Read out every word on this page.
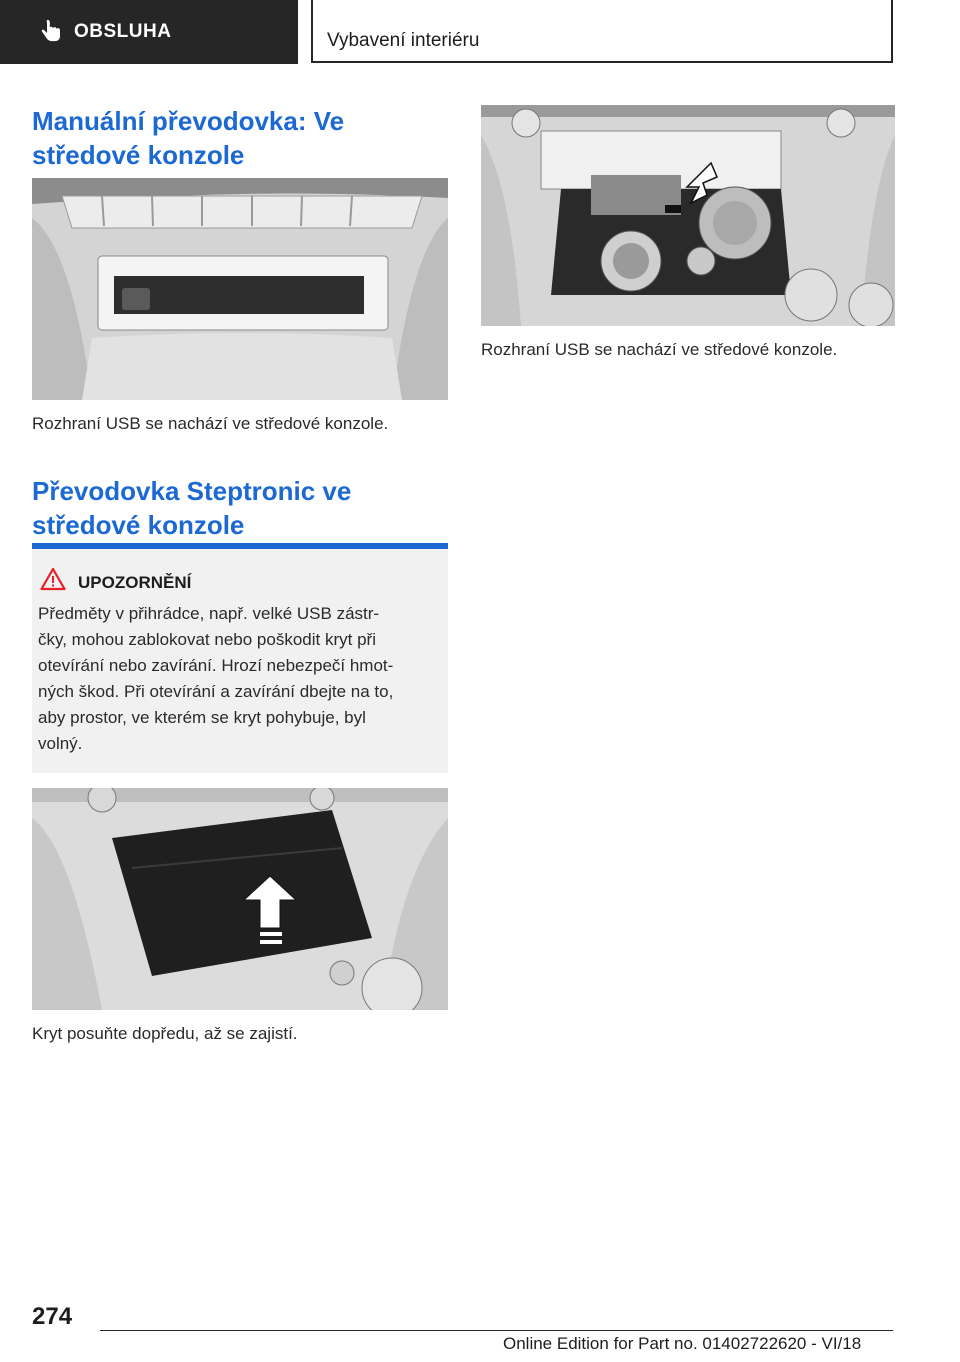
OBSLUHA	Vybavení interiéru
Manuální převodovka: Ve
středové konzole

Rozhraní USB se nachází ve středové konzole.

Převodovka Steptronic ve
středové konzole
UPOZORNĚNÍ
Předměty v přihrádce, např. velké USB zástr-
čky, mohou zablokovat nebo poškodit kryt při
otevírání nebo zavírání. Hrozí nebezpečí hmot-
ných škod. Při otevírání a zavírání dbejte na to,
aby prostor, ve kterém se kryt pohybuje, byl
volný.

Kryt posuňte dopředu, až se zajistí.

Rozhraní USB se nachází ve středové konzole.

274
Online Edition for Part no. 01402722620 - VI/18
